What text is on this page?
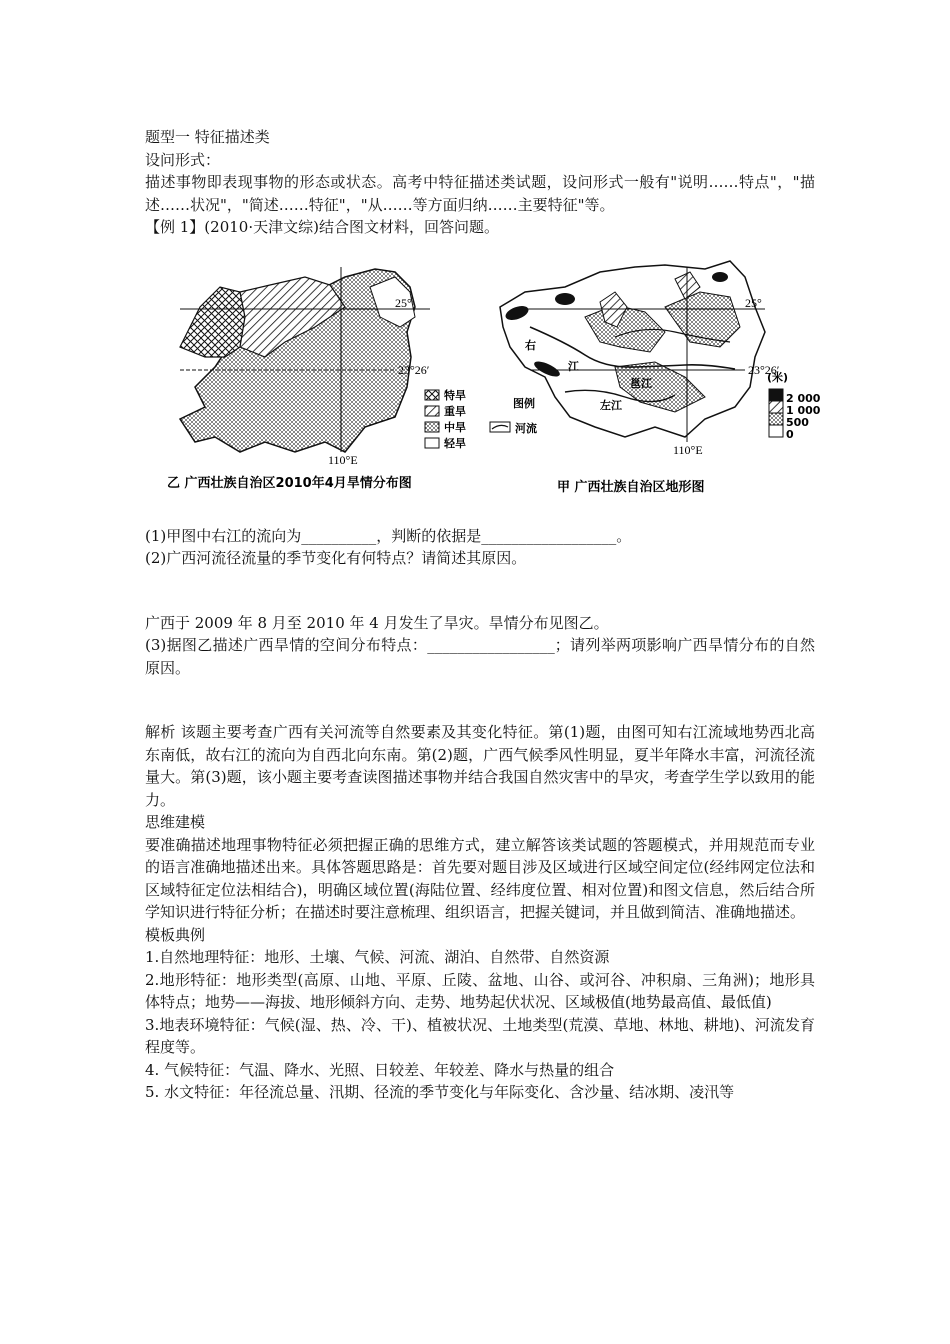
题型一 特征描述类
设问形式：
描述事物即表现事物的形态或状态。高考中特征描述类试题，设问形式一般有"说明……特点"，"描述……状况"，"简述……特征"，"从……等方面归纳……主要特征"等。
【例 1】(2010·天津文综)结合图文材料，回答问题。
25°
23°26′
110°E
特旱
重旱
中旱
轻旱
乙 广西壮族自治区2010年4月旱情分布图
25°
23°26′
110°E
右
江
左江
邕江
图例
河流
(米)
2 000
1 000
500
0
甲 广西壮族自治区地形图
(1)甲图中右江的流向为__________，判断的依据是__________________。
(2)广西河流径流量的季节变化有何特点？请简述其原因。
广西于 2009 年 8 月至 2010 年 4 月发生了旱灾。旱情分布见图乙。
(3)据图乙描述广西旱情的空间分布特点：_________________；请列举两项影响广西旱情分布的自然原因。
解析 该题主要考查广西有关河流等自然要素及其变化特征。第(1)题，由图可知右江流域地势西北高东南低，故右江的流向为自西北向东南。第(2)题，广西气候季风性明显，夏半年降水丰富，河流径流量大。第(3)题，该小题主要考查读图描述事物并结合我国自然灾害中的旱灾，考查学生学以致用的能力。
思维建模
要准确描述地理事物特征必须把握正确的思维方式，建立解答该类试题的答题模式，并用规范而专业的语言准确地描述出来。具体答题思路是：首先要对题目涉及区域进行区域空间定位(经纬网定位法和区域特征定位法相结合)，明确区域位置(海陆位置、经纬度位置、相对位置)和图文信息，然后结合所学知识进行特征分析；在描述时要注意梳理、组织语言，把握关键词，并且做到简洁、准确地描述。
模板典例
1.自然地理特征：地形、土壤、气候、河流、湖泊、自然带、自然资源
2.地形特征：地形类型(高原、山地、平原、丘陵、盆地、山谷、或河谷、冲积扇、三角洲)；地形具体特点；地势——海拔、地形倾斜方向、走势、地势起伏状况、区域极值(地势最高值、最低值)
3.地表环境特征：气候(湿、热、冷、干)、植被状况、土地类型(荒漠、草地、林地、耕地)、河流发育程度等。
4. 气候特征：气温、降水、光照、日较差、年较差、降水与热量的组合
5. 水文特征：年径流总量、汛期、径流的季节变化与年际变化、含沙量、结冰期、凌汛等
